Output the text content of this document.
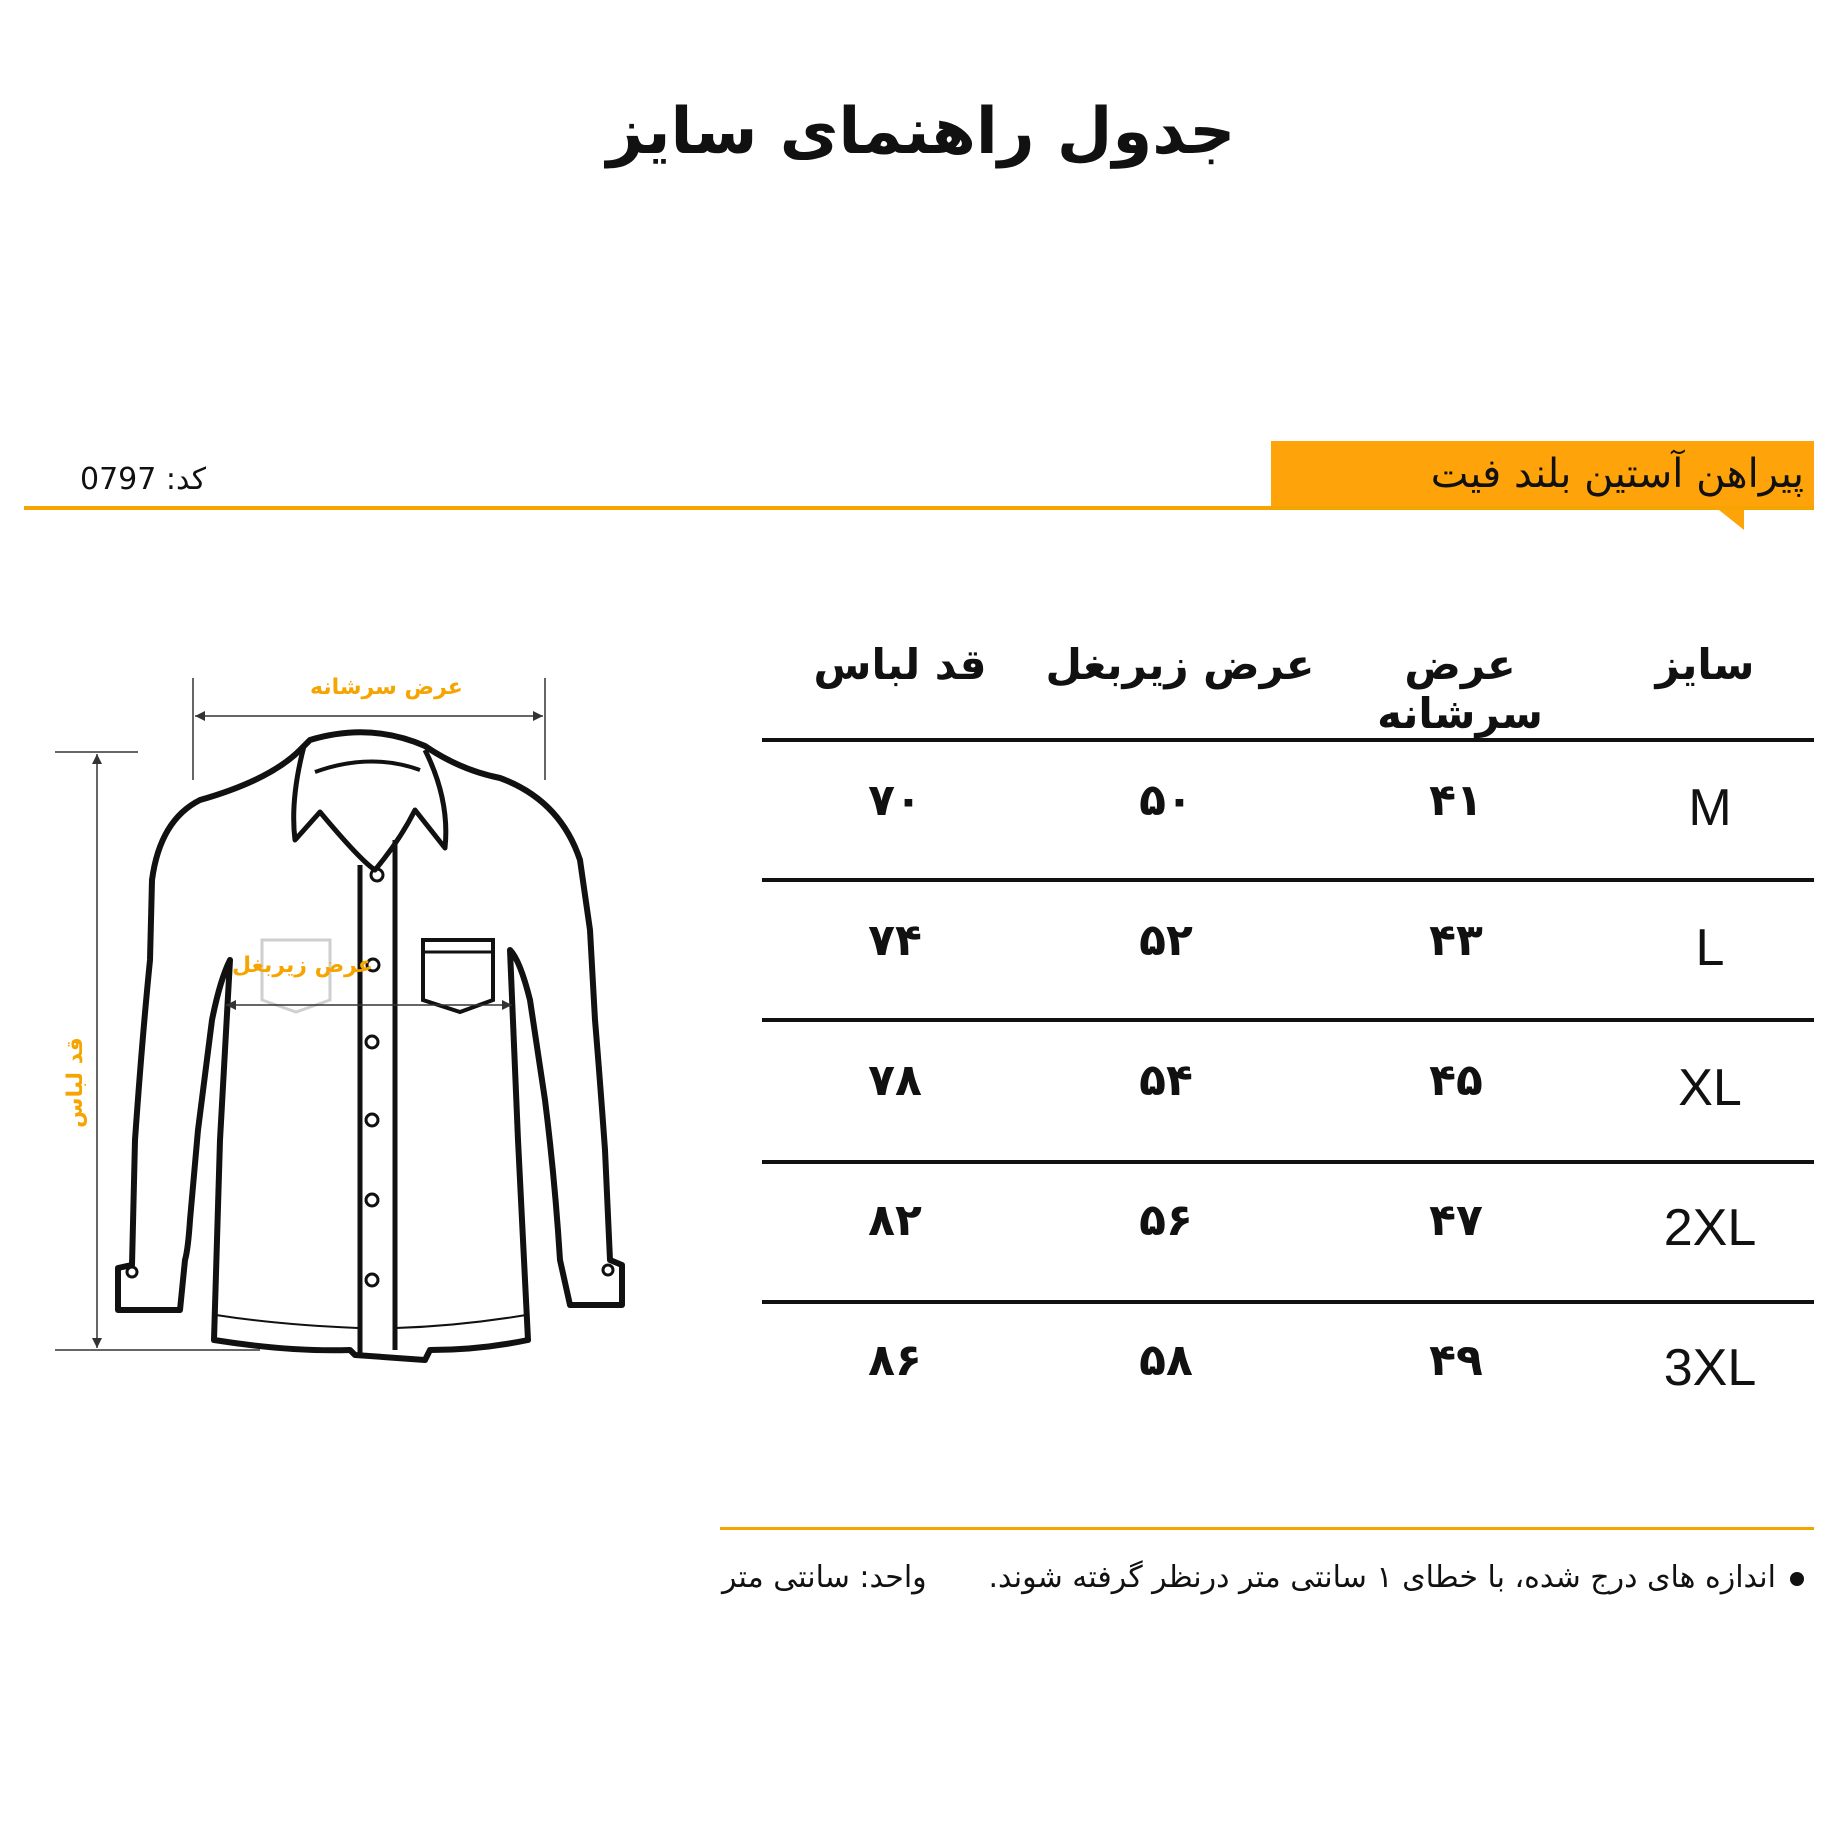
جدول راهنمای سایز
کد: 0797	پیراهن آستین بلند فیت
سایز
عرض سرشانه
عرض زیربغل
قد لباس
M
۴۱
۵۰
۷۰
L
۴۳
۵۲
۷۴
XL
۴۵
۵۴
۷۸
2XL
۴۷
۵۶
۸۲
3XL
۴۹
۵۸
۸۶
عرض سرشانه
عرض زیربغل
قد لباس
اندازه های درج شده، با خطای ۱ سانتی متر درنظر گرفته شوند.
واحد: سانتی متر
